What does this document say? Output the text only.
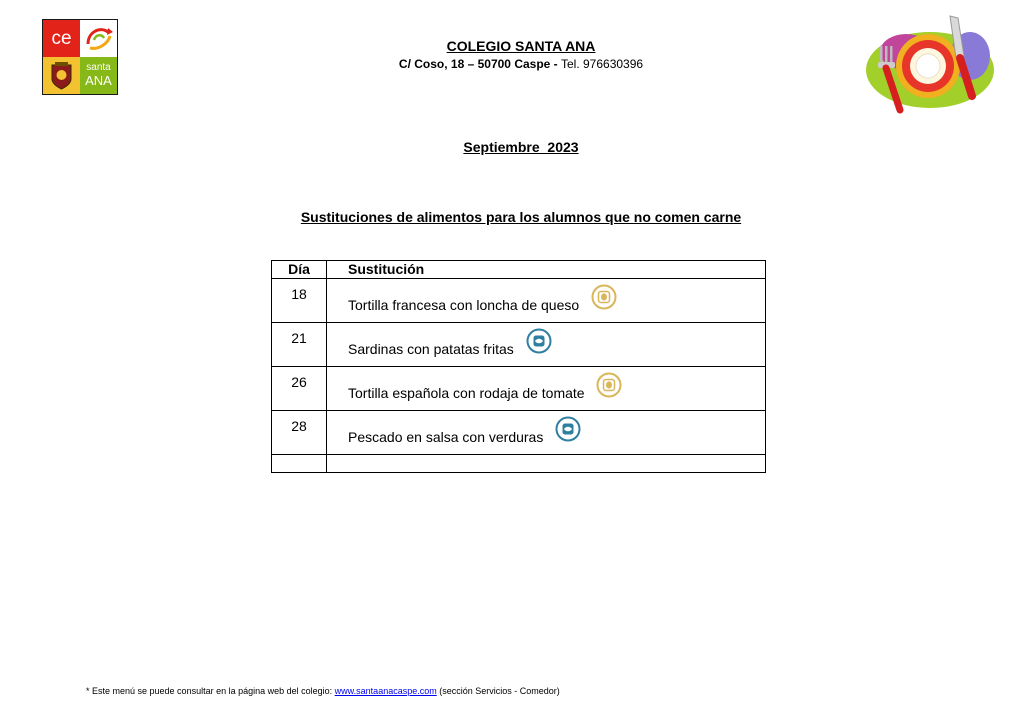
ce
santa
ANA
COLEGIO SANTA ANA
C/ Coso, 18 – 50700 Caspe - Tel. 976630396
Septiembre  2023
Sustituciones de alimentos para los alumnos que no comen carne
Día	Sustitución
18	Tortilla francesa con loncha de queso
21	Sardinas con patatas fritas
26	Tortilla española con rodaja de tomate
28	Pescado en salsa con verduras

* Este menú se puede consultar en la página web del colegio: www.santaanacaspe.com (sección Servicios - Comedor)
